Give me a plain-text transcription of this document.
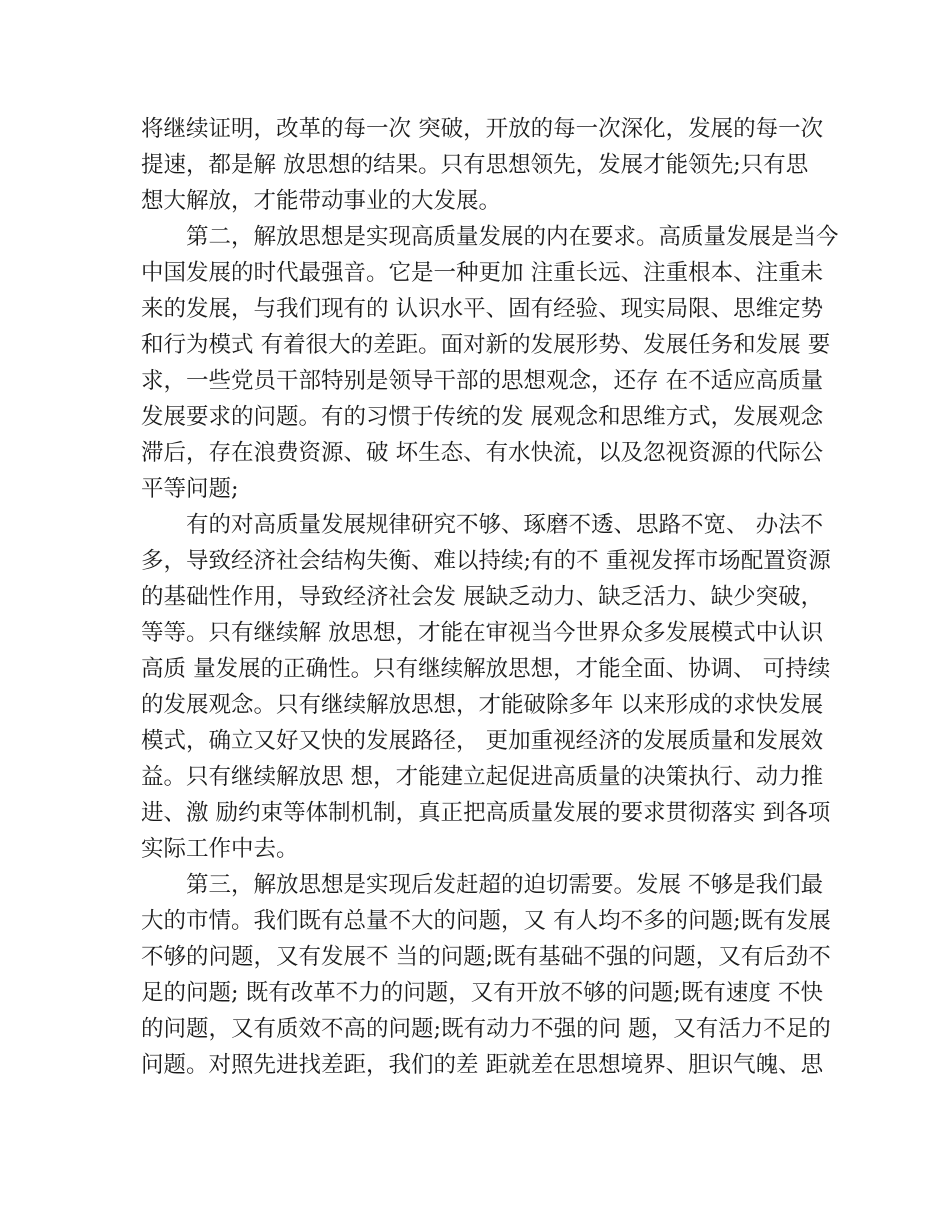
将继续证明，改革的每一次 突破，开放的每一次深化，发展的每一次
提速，都是解 放思想的结果。只有思想领先，发展才能领先;只有思
想大解放，才能带动事业的大发展。
第二，解放思想是实现高质量发展的内在要求。高质量发展是当今
中国发展的时代最强音。它是一种更加 注重长远、注重根本、注重未
来的发展，与我们现有的 认识水平、固有经验、现实局限、思维定势
和行为模式 有着很大的差距。面对新的发展形势、发展任务和发展 要
求，一些党员干部特别是领导干部的思想观念，还存 在不适应高质量
发展要求的问题。有的习惯于传统的发 展观念和思维方式，发展观念
滞后，存在浪费资源、破 坏生态、有水快流，以及忽视资源的代际公
平等问题;
有的对高质量发展规律研究不够、琢磨不透、思路不宽、 办法不
多，导致经济社会结构失衡、难以持续;有的不 重视发挥市场配置资源
的基础性作用，导致经济社会发 展缺乏动力、缺乏活力、缺少突破，
等等。只有继续解 放思想，才能在审视当今世界众多发展模式中认识
高质 量发展的正确性。只有继续解放思想，才能全面、协调、 可持续
的发展观念。只有继续解放思想，才能破除多年 以来形成的求快发展
模式，确立又好又快的发展路径， 更加重视经济的发展质量和发展效
益。只有继续解放思 想，才能建立起促进高质量的决策执行、动力推
进、激 励约束等体制机制，真正把高质量发展的要求贯彻落实 到各项
实际工作中去。
第三，解放思想是实现后发赶超的迫切需要。发展 不够是我们最
大的市情。我们既有总量不大的问题，又 有人均不多的问题;既有发展
不够的问题，又有发展不 当的问题;既有基础不强的问题，又有后劲不
足的问题; 既有改革不力的问题，又有开放不够的问题;既有速度 不快
的问题，又有质效不高的问题;既有动力不强的问 题，又有活力不足的
问题。对照先进找差距，我们的差 距就差在思想境界、胆识气魄、思
